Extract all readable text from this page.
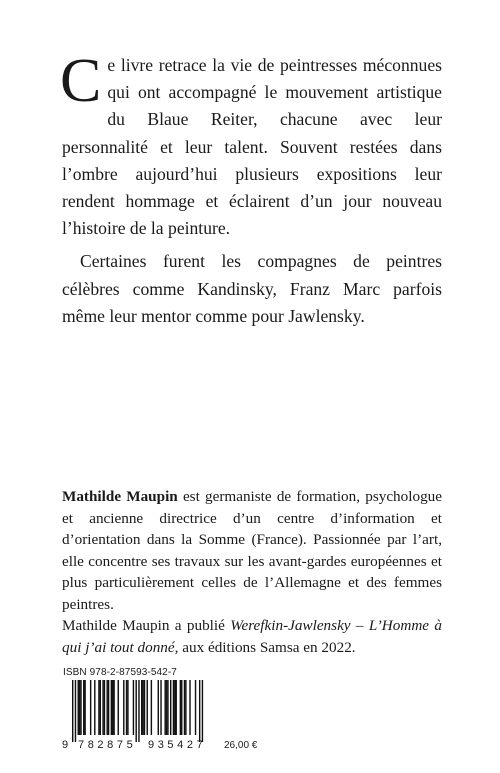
Ce livre retrace la vie de peintresses méconnues qui ont accompagné le mouvement artistique du Blaue Reiter, chacune avec leur personnalité et leur talent. Souvent restées dans l’ombre aujourd’hui plusieurs expositions leur rendent hommage et éclairent d’un jour nouveau l’histoire de la peinture.

Certaines furent les compagnes de peintres célèbres comme Kandinsky, Franz Marc parfois même leur mentor comme pour Jawlensky.

Mathilde Maupin est germaniste de formation, psychologue et ancienne directrice d’un centre d’information et d’orientation dans la Somme (France). Passionnée par l’art, elle concentre ses travaux sur les avant-gardes européennes et plus particulièrement celles de l’Allemagne et des femmes peintres.

Mathilde Maupin a publié Werefkin-Jawlensky – L’Homme à qui j’ai tout donné, aux éditions Samsa en 2022.

ISBN 978-2-87593-542-7
9 782875 935427 26,00 €
